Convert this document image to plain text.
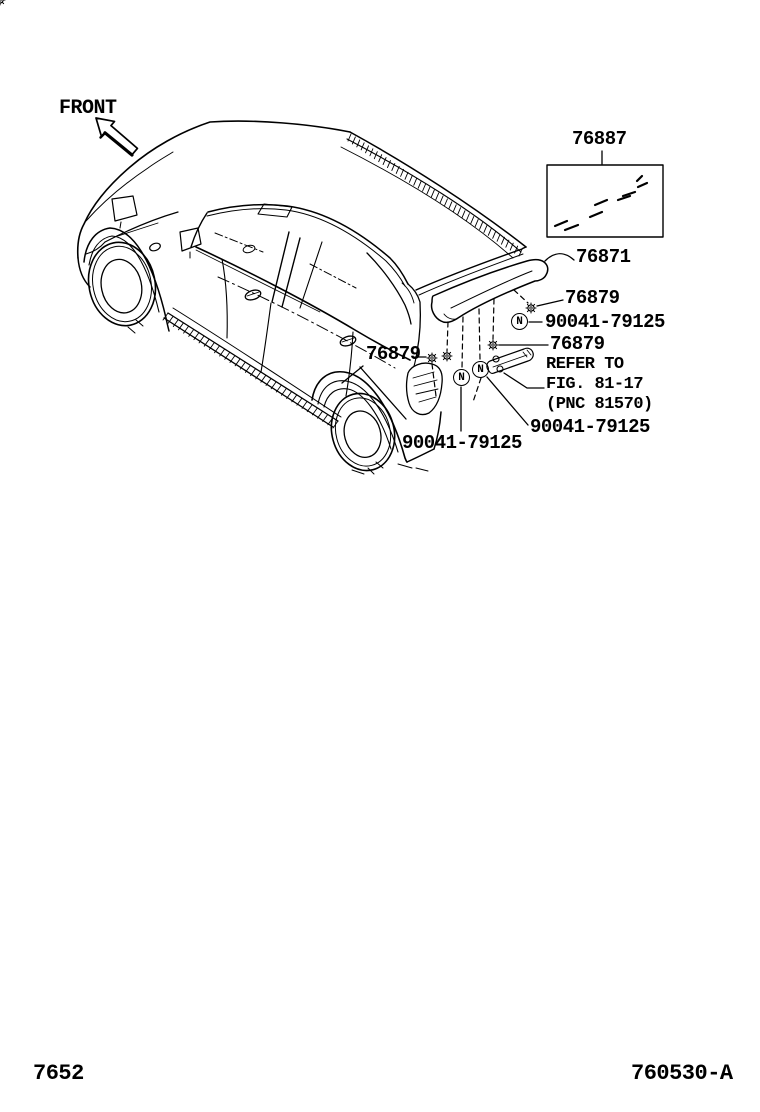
FRONT
76887
76871
76879
90041-79125
76879
REFER TO
FIG. 81-17
(PNC 81570)
90041-79125
76879
90041-79125
N
N
N
7652	760530-A
